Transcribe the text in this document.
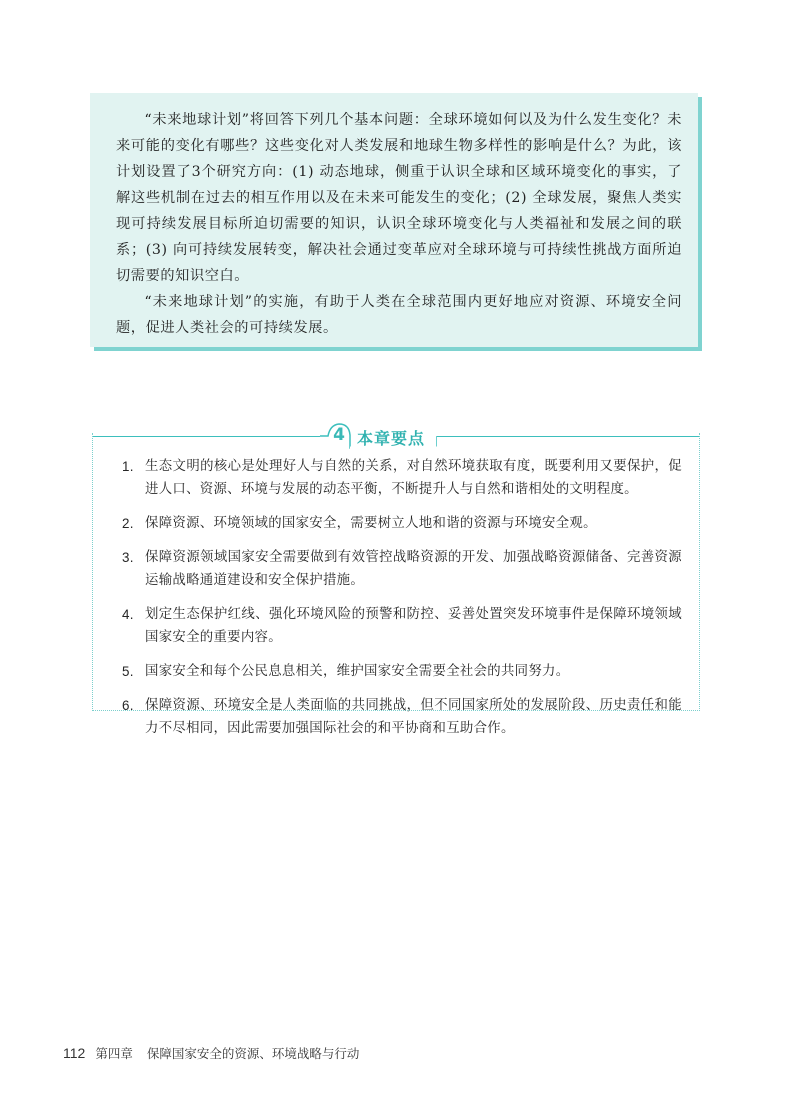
“未来地球计划”将回答下列几个基本问题：全球环境如何以及为什么发生变化？未来可能的变化有哪些？这些变化对人类发展和地球生物多样性的影响是什么？为此，该计划设置了3个研究方向：(1) 动态地球，侧重于认识全球和区域环境变化的事实，了解这些机制在过去的相互作用以及在未来可能发生的变化；(2) 全球发展，聚焦人类实现可持续发展目标所迫切需要的知识，认识全球环境变化与人类福祉和发展之间的联系；(3) 向可持续发展转变，解决社会通过变革应对全球环境与可持续性挑战方面所迫切需要的知识空白。

“未来地球计划”的实施，有助于人类在全球范围内更好地应对资源、环境安全问题，促进人类社会的可持续发展。

4 本章要点
1. 生态文明的核心是处理好人与自然的关系，对自然环境获取有度，既要利用又要保护，促进人口、资源、环境与发展的动态平衡，不断提升人与自然和谐相处的文明程度。
2. 保障资源、环境领域的国家安全，需要树立人地和谐的资源与环境安全观。
3. 保障资源领域国家安全需要做到有效管控战略资源的开发、加强战略资源储备、完善资源运输战略通道建设和安全保护措施。
4. 划定生态保护红线、强化环境风险的预警和防控、妥善处置突发环境事件是保障环境领域国家安全的重要内容。
5. 国家安全和每个公民息息相关，维护国家安全需要全社会的共同努力。
6. 保障资源、环境安全是人类面临的共同挑战，但不同国家所处的发展阶段、历史责任和能力不尽相同，因此需要加强国际社会的和平协商和互助合作。
112 第四章 保障国家安全的资源、环境战略与行动
